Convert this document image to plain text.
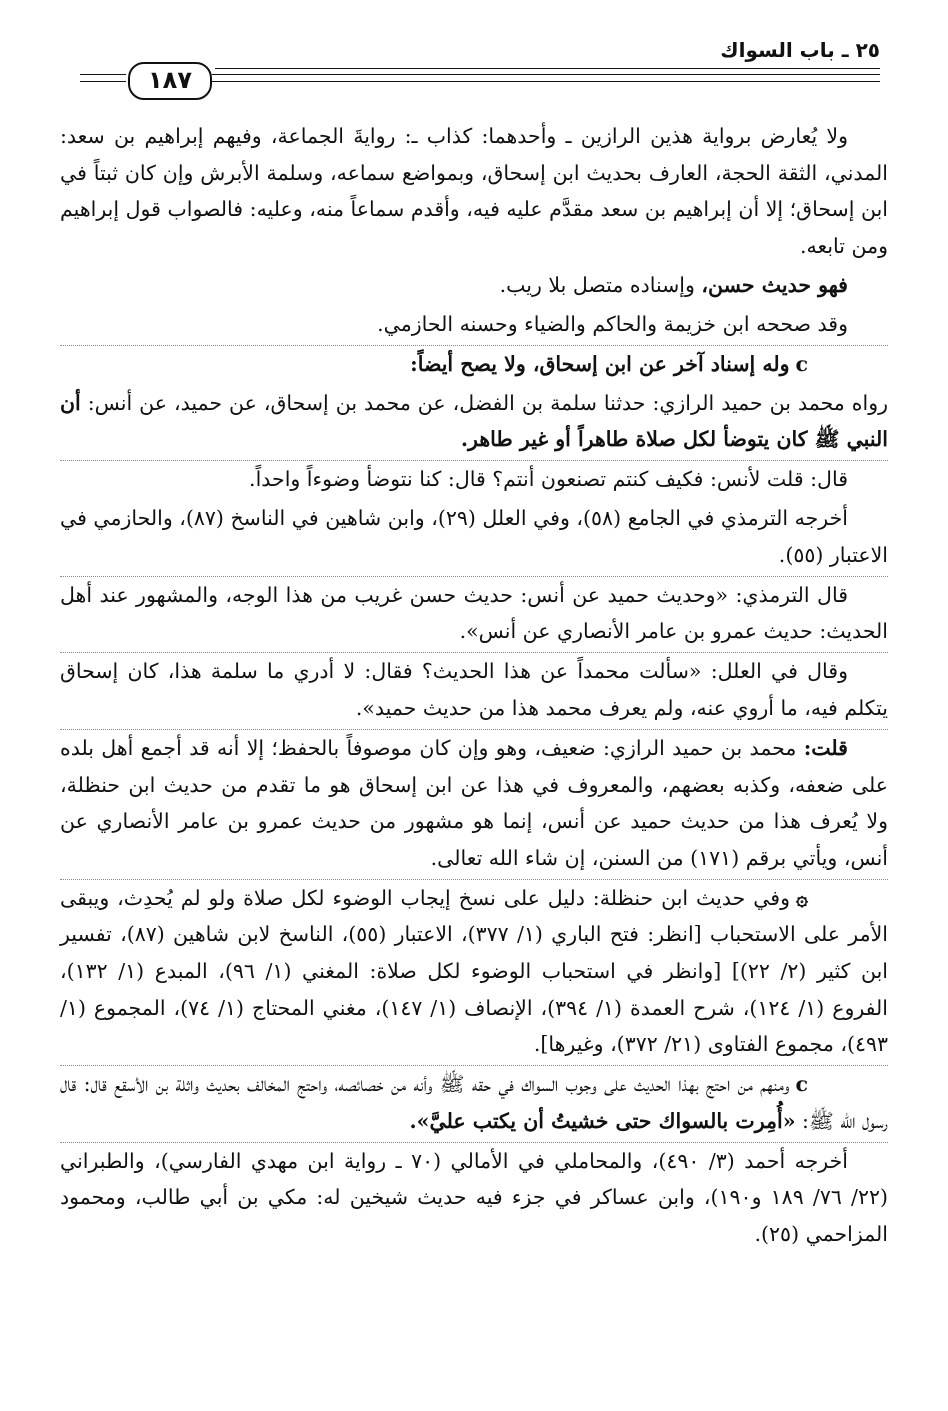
٢٥ ـ باب السواك
١٨٧

ولا يُعارض برواية هذين الرازين ـ وأحدهما: كذاب ـ: روايةَ الجماعة، وفيهم إبراهيم بن سعد: المدني، الثقة الحجة، العارف بحديث ابن إسحاق، وبمواضع سماعه، وسلمة الأبرش وإن كان ثبتاً في ابن إسحاق؛ إلا أن إبراهيم بن سعد مقدَّم عليه فيه، وأقدم سماعاً منه، وعليه: فالصواب قول إبراهيم ومن تابعه.

فهو حديث حسن، وإسناده متصل بلا ريب.

وقد صححه ابن خزيمة والحاكم والضياء وحسنه الحازمي.

cوله إسناد آخر عن ابن إسحاق، ولا يصح أيضاً:

رواه محمد بن حميد الرازي: حدثنا سلمة بن الفضل، عن محمد بن إسحاق، عن حميد، عن أنس: أن النبي ﷺ كان يتوضأ لكل صلاة طاهراً أو غير طاهر.

قال: قلت لأنس: فكيف كنتم تصنعون أنتم؟ قال: كنا نتوضأ وضوءاً واحداً.

أخرجه الترمذي في الجامع (٥٨)، وفي العلل (٢٩)، وابن شاهين في الناسخ (٨٧)، والحازمي في الاعتبار (٥٥).

قال الترمذي: «وحديث حميد عن أنس: حديث حسن غريب من هذا الوجه، والمشهور عند أهل الحديث: حديث عمرو بن عامر الأنصاري عن أنس».

وقال في العلل: «سألت محمداً عن هذا الحديث؟ فقال: لا أدري ما سلمة هذا، كان إسحاق يتكلم فيه، ما أروي عنه، ولم يعرف محمد هذا من حديث حميد».

قلت: محمد بن حميد الرازي: ضعيف، وهو وإن كان موصوفاً بالحفظ؛ إلا أنه قد أجمع أهل بلده على ضعفه، وكذبه بعضهم، والمعروف في هذا عن ابن إسحاق هو ما تقدم من حديث ابن حنظلة، ولا يُعرف هذا من حديث حميد عن أنس، إنما هو مشهور من حديث عمرو بن عامر الأنصاري عن أنس، ويأتي برقم (١٧١) من السنن، إن شاء الله تعالى.

۞وفي حديث ابن حنظلة: دليل على نسخ إيجاب الوضوء لكل صلاة ولو لم يُحدِث، ويبقى الأمر على الاستحباب [انظر: فتح الباري (١/ ٣٧٧)، الاعتبار (٥٥)، الناسخ لابن شاهين (٨٧)، تفسير ابن كثير (٢/ ٢٢)] [وانظر في استحباب الوضوء لكل صلاة: المغني (١/ ٩٦)، المبدع (١/ ١٣٢)، الفروع (١/ ١٢٤)، شرح العمدة (١/ ٣٩٤)، الإنصاف (١/ ١٤٧)، مغني المحتاج (١/ ٧٤)، المجموع (١/ ٤٩٣)، مجموع الفتاوى (٢١/ ٣٧٢)، وغيرها].

cومنهم من احتج بهذا الحديث على وجوب السواك في حقه ﷺ وأنه من خصائصه، واحتج المخالف بحديث واثلة بن الأسقع قال: قال رسول الله ﷺ: «أُمِرت بالسواك حتى خشيتُ أن يكتب عليَّ».

أخرجه أحمد (٣/ ٤٩٠)، والمحاملي في الأمالي (٧٠ ـ رواية ابن مهدي الفارسي)، والطبراني (٢٢/ ٧٦/ ١٨٩ و١٩٠)، وابن عساكر في جزء فيه حديث شيخين له: مكي بن أبي طالب، ومحمود المزاحمي (٢٥).
